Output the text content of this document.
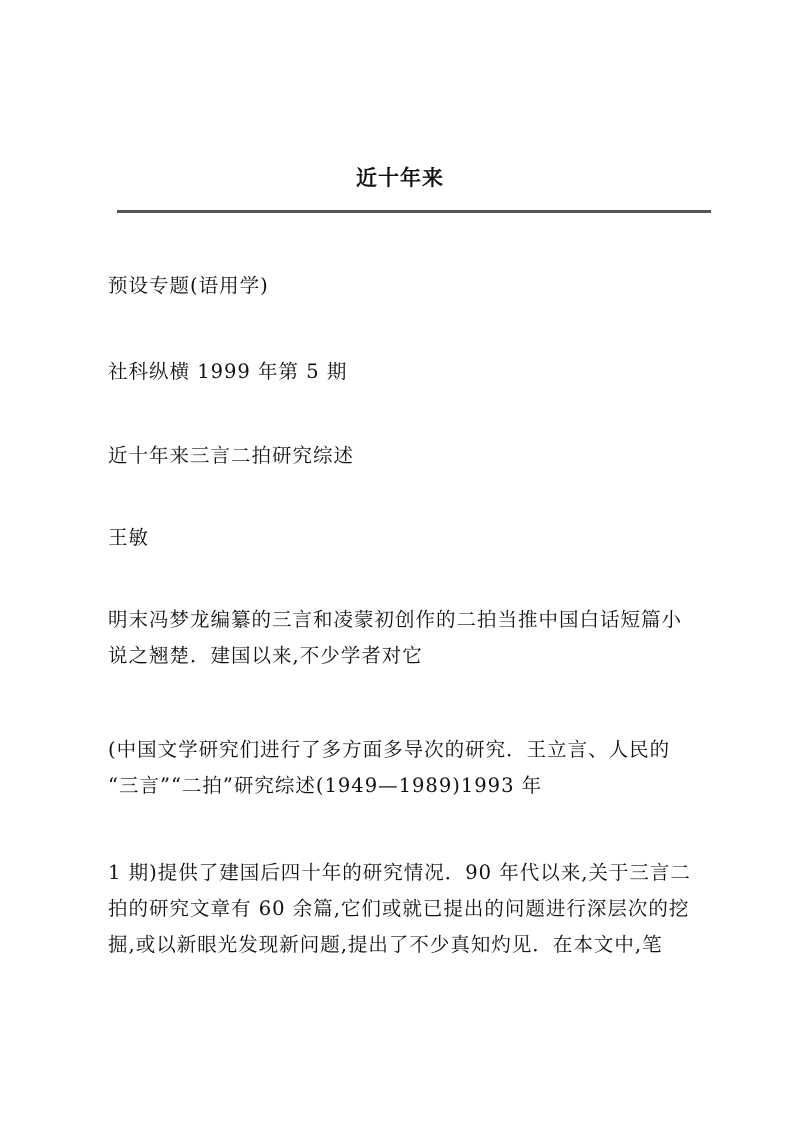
近十年来

预设专题(语用学)

社科纵横 1999 年第 5 期

近十年来三言二拍研究综述

王敏

明末冯梦龙编纂的三言和凌蒙初创作的二拍当推中国白话短篇小
说之翘楚．建国以来,不少学者对它

(中国文学研究们进行了多方面多导次的研究．王立言、人民的
“三言”“二拍”研究综述(1949—1989)1993 年

1 期)提供了建国后四十年的研究情况．90 年代以来,关于三言二
拍的研究文章有 60 余篇,它们或就已提出的问题进行深层次的挖
掘,或以新眼光发现新问题,提出了不少真知灼见．在本文中,笔
